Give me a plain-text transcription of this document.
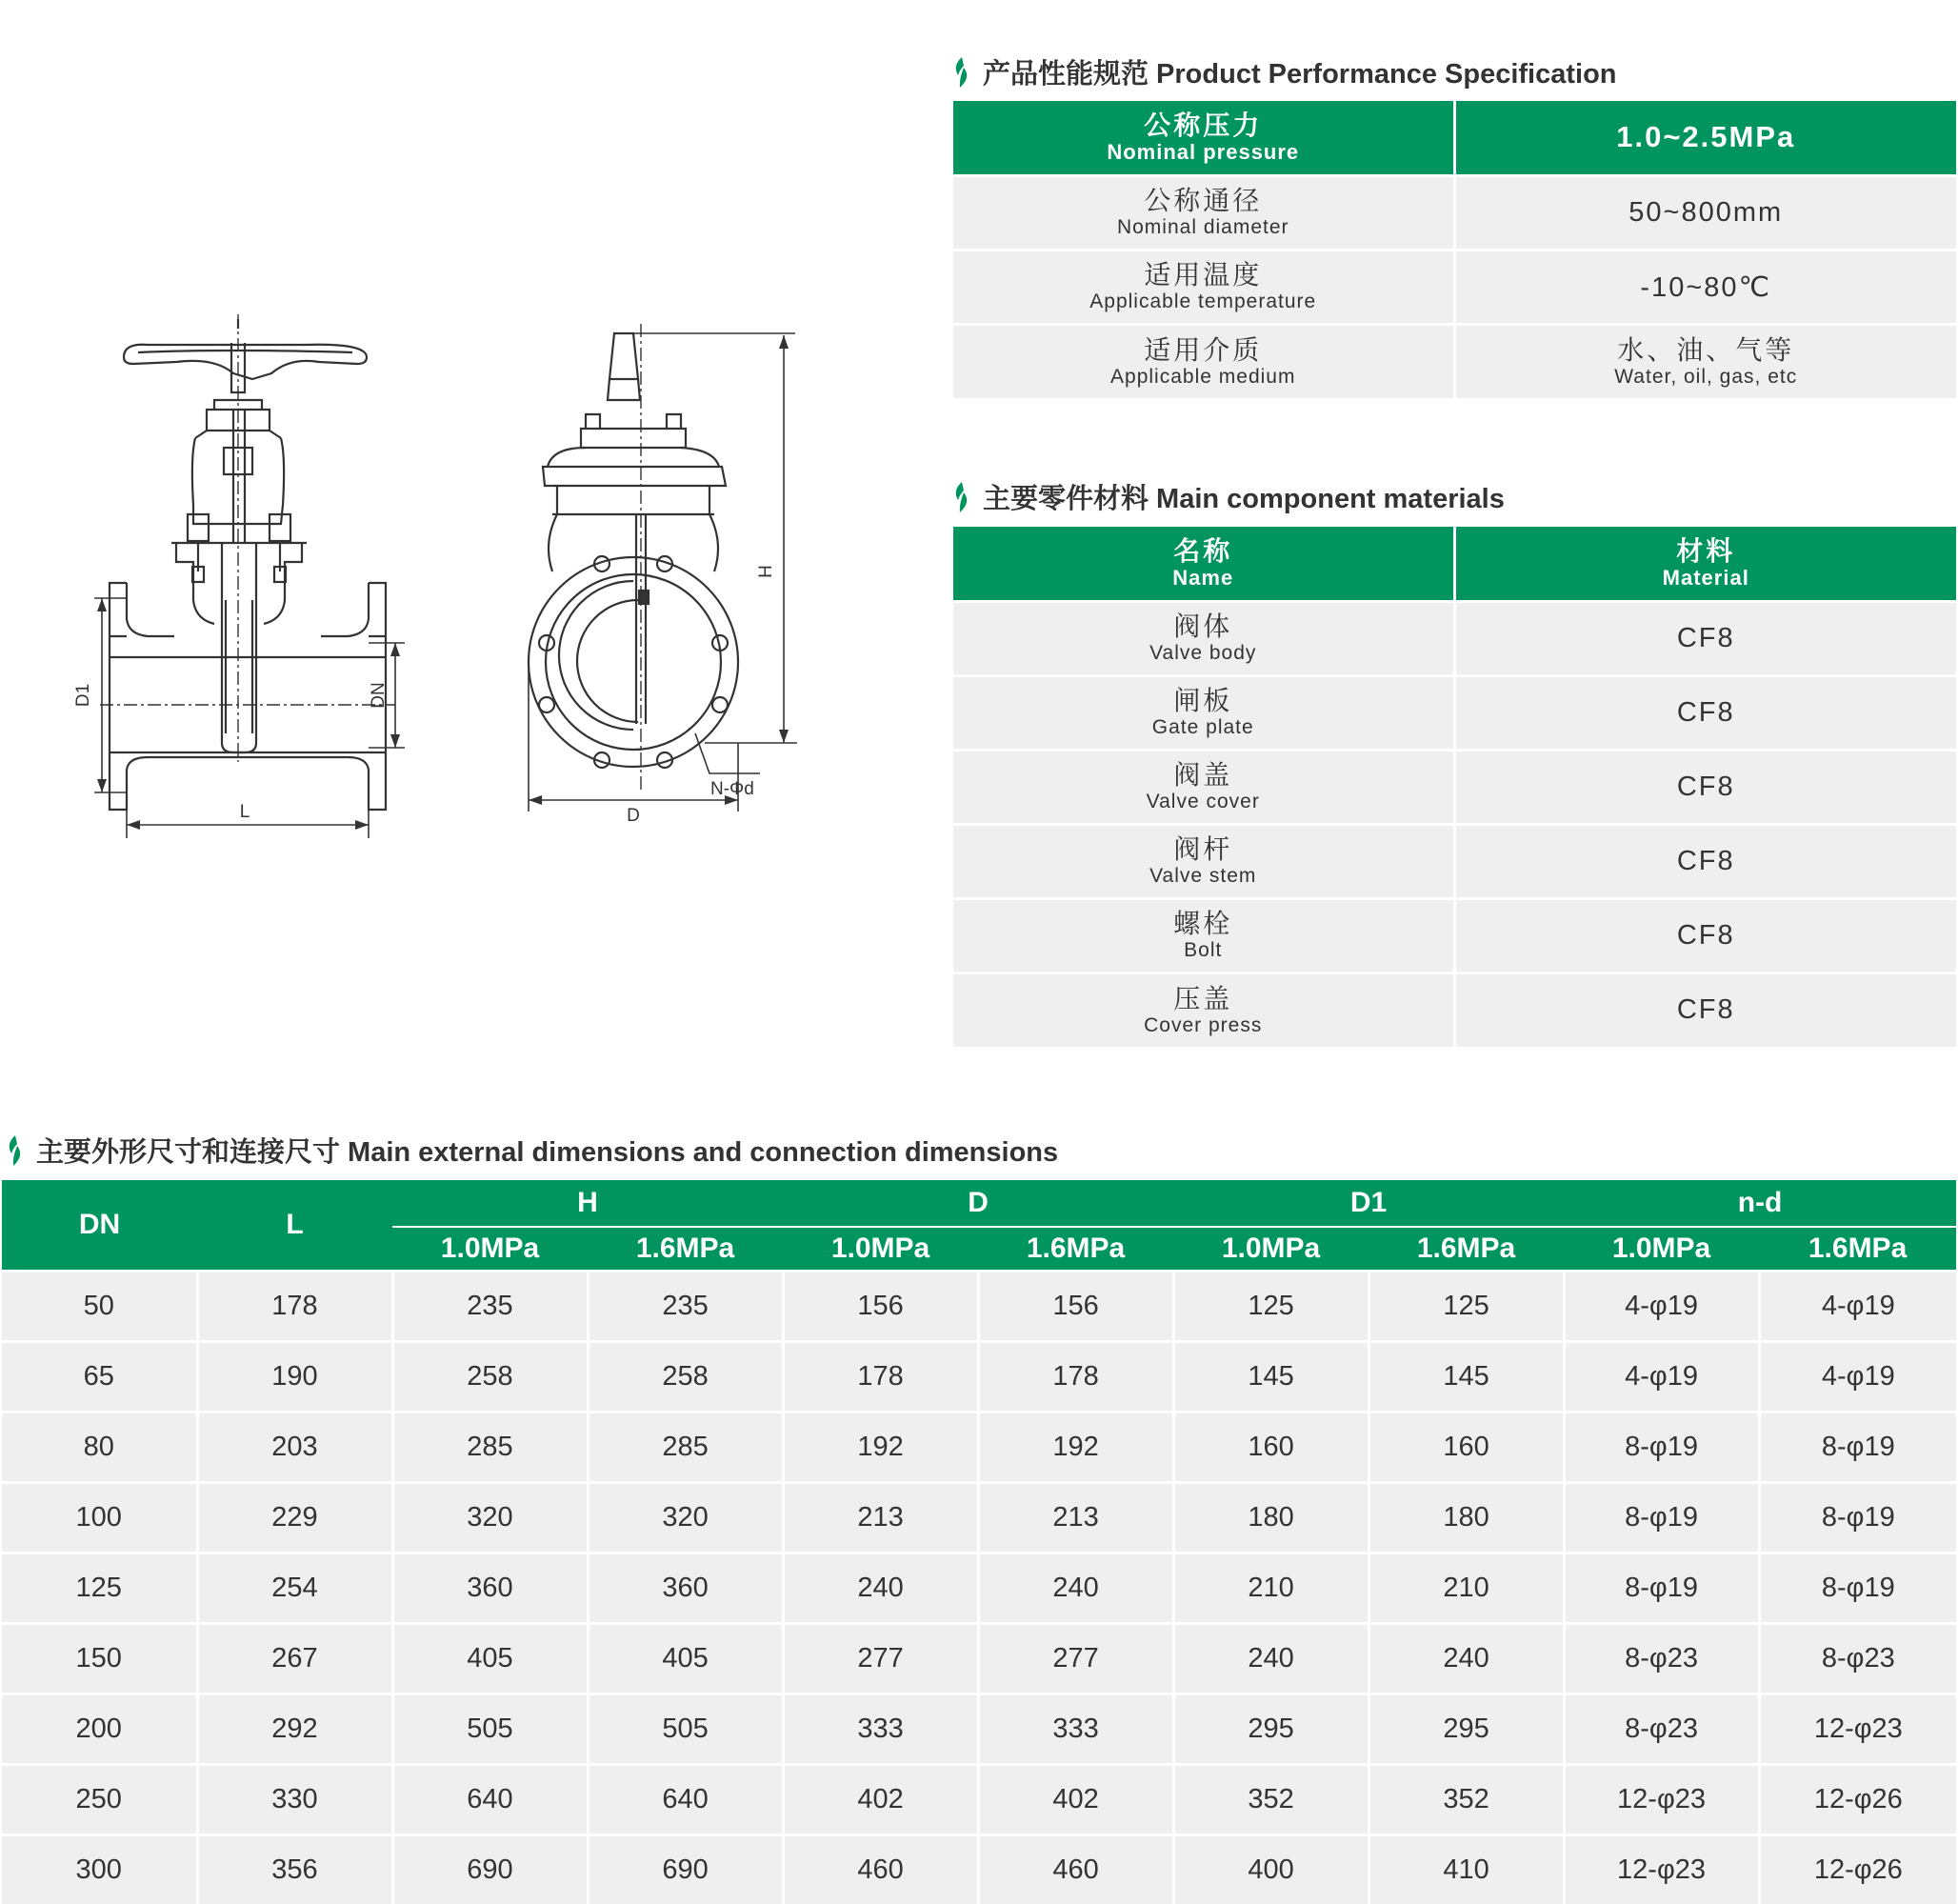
D1	DN
L
H
D
N-Φd
产品性能规范 Product Performance Specification
公称压力
Nominal pressure	1.0~2.5MPa

公称通径
Nominal diameter	50~800mm

适用温度
Applicable temperature	-10~80℃

适用介质
Applicable medium	水、油、气等
Water, oil, gas, etc
主要零件材料 Main component materials
名称
Name	材料
Material

阀体
Valve body	CF8

闸板
Gate plate	CF8

阀盖
Valve cover	CF8

阀杆
Valve stem	CF8

螺栓
Bolt	CF8

压盖
Cover press	CF8
主要外形尺寸和连接尺寸 Main external dimensions and connection dimensions
DN	L	H		D		D1		n-d	
		1.0MPa	1.6MPa	1.0MPa	1.6MPa	1.0MPa	1.6MPa	1.0MPa	1.6MPa
50	178	235	235	156	156	125	125	4-φ19	4-φ19
65	190	258	258	178	178	145	145	4-φ19	4-φ19
80	203	285	285	192	192	160	160	8-φ19	8-φ19
100	229	320	320	213	213	180	180	8-φ19	8-φ19
125	254	360	360	240	240	210	210	8-φ19	8-φ19
150	267	405	405	277	277	240	240	8-φ23	8-φ23
200	292	505	505	333	333	295	295	8-φ23	12-φ23
250	330	640	640	402	402	352	352	12-φ23	12-φ26
300	356	690	690	460	460	400	410	12-φ23	12-φ26
